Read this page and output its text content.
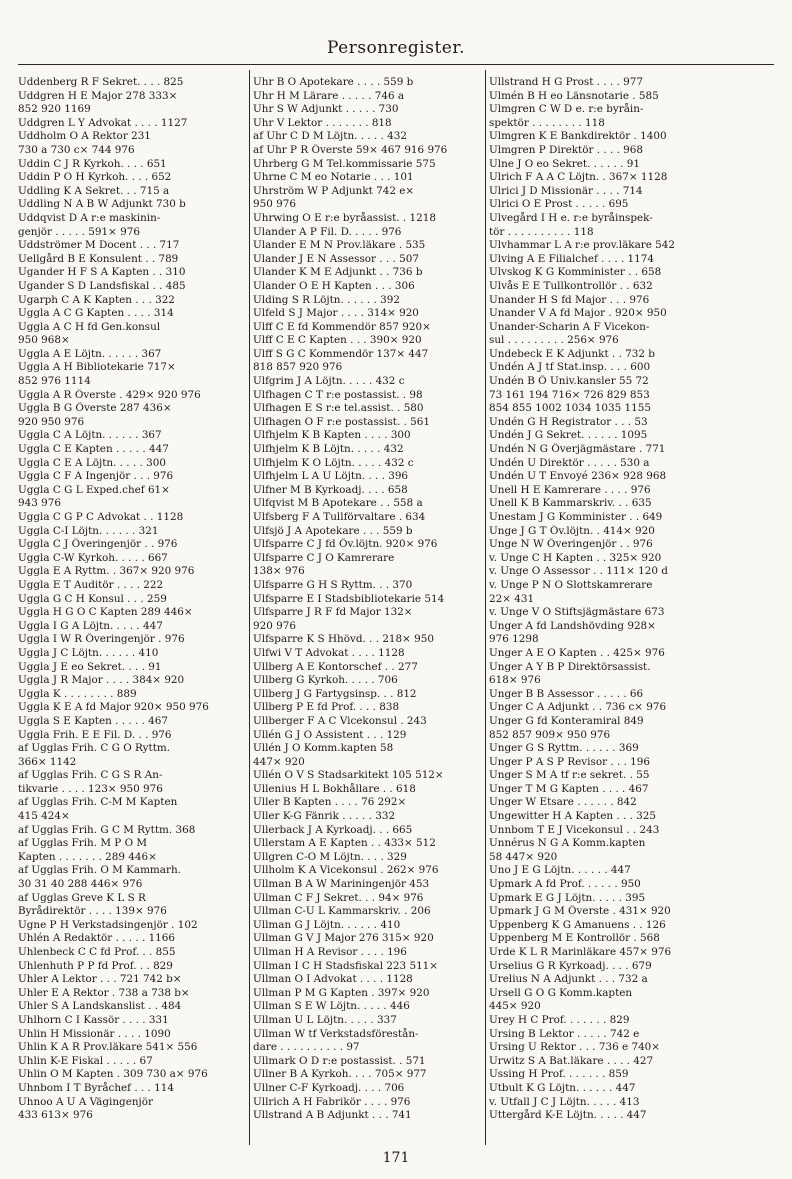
Personregister.
Uddenberg R F Sekret. . . . 825
Uddgren H E Major 278 333×
852 920 1169
Uddgren L Y Advokat . . . . 1127
Uddholm O A Rektor 231
730 a 730 c× 744 976
Uddin C J R Kyrkoh. . . . 651
Uddin P O H Kyrkoh. . . . 652
Uddling K A Sekret. . . 715 a
Uddling N A B W Adjunkt 730 b
Uddqvist D A r:e maskinin-
genjör . . . . . 591× 976
Uddströmer M Docent . . . 717
Uellgård B E Konsulent . . 789
Ugander H F S A Kapten . . 310
Ugander S D Landsfiskal . . 485
Ugarph C A K Kapten . . . 322
Uggla A C G Kapten . . . . 314
Uggla A C H fd Gen.konsul
950 968×
Uggla A E Löjtn. . . . . . 367
Uggla A H Bibliotekarie 717×
852 976 1114
Uggla A R Överste . 429× 920 976
Uggla B G Överste 287 436×
920 950 976
Uggla C A Löjtn. . . . . . 367
Uggla C E Kapten . . . . . 447
Uggla C E A Löjtn. . . . . 300
Uggla C F A Ingenjör . . . 976
Uggla C G L Exped.chef 61×
943 976
Uggla C G P C Advokat . . 1128
Uggla C-I Löjtn. . . . . . 321
Uggla C J Överingenjör . . 976
Uggla C-W Kyrkoh. . . . . 667
Uggla E A Ryttm. . 367× 920 976
Uggla E T Auditör . . . . 222
Uggla G C H Konsul . . . 259
Uggla H G O C Kapten 289 446×
Uggla I G A Löjtn. . . . . 447
Uggla I W R Överingenjör . 976
Uggla J C Löjtn. . . . . . 410
Uggla J E eo Sekret. . . . 91
Uggla J R Major . . . . 384× 920
Uggla K . . . . . . . . 889
Uggla K E A fd Major 920× 950 976
Uggla S E Kapten . . . . . 467
Uggla Frih. E E Fil. D. . . 976
af Ugglas Frih. C G O Ryttm.
366× 1142
af Ugglas Frih. C G S R An-
tikvarie . . . . 123× 950 976
af Ugglas Frih. C-M M Kapten
415 424×
af Ugglas Frih. G C M Ryttm. 368
af Ugglas Frih. M P O M
Kapten . . . . . . . 289 446×
af Ugglas Frih. O M Kammarh.
30 31 40 288 446× 976
af Ugglas Greve K L S R
Byrådirektör . . . . 139× 976
Ugne P H Verkstadsingenjör . 102
Uhlén A Redaktör . . . . . 1166
Uhlenbeck C C fd Prof. . . 855
Uhlenhuth P P fd Prof. . . 829
Uhler A Lektor . . . 721 742 b×
Uhler E A Rektor . 738 a 738 b×
Uhler S A Landskanslist . . 484
Uhlhorn C I Kassör . . . . 331
Uhlin H Missionär . . . . 1090
Uhlin K A R Prov.läkare 541× 556
Uhlin K-E Fiskal . . . . . 67
Uhlin O M Kapten . 309 730 a× 976
Uhnbom I T Byråchef . . . 114
Uhnoo A U A Vägingenjör
433 613× 976
Uhr B O Apotekare . . . . 559 b
Uhr H M Lärare . . . . . 746 a
Uhr S W Adjunkt . . . . . 730
Uhr V Lektor . . . . . . . 818
af Uhr C D M Löjtn. . . . . 432
af Uhr P R Överste 59× 467 916 976
Uhrberg G M Tel.kommissarie 575
Uhrne C M eo Notarie . . . 101
Uhrström W P Adjunkt 742 e×
950 976
Uhrwing O E r:e byråassist. . 1218
Ulander A P Fil. D. . . . . 976
Ulander E M N Prov.läkare . 535
Ulander J E N Assessor . . . 507
Ulander K M E Adjunkt . . 736 b
Ulander O E H Kapten . . . 306
Ulding S R Löjtn. . . . . . 392
Ulfeld S J Major . . . . 314× 920
Ulff C E fd Kommendör 857 920×
Ulff C E C Kapten . . . 390× 920
Ulff S G C Kommendör 137× 447
818 857 920 976
Ulfgrim J A Löjtn. . . . . 432 c
Ulfhagen C T r:e postassist. . 98
Ulfhagen E S r:e tel.assist. . 580
Ulfhagen O F r:e postassist. . 561
Ulfhjelm K B Kapten . . . . 300
Ulfhjelm K B Löjtn. . . . . 432
Ulfhjelm K O Löjtn. . . . . 432 c
Ulfhjelm L A U Löjtn. . . . 396
Ulfner M B Kyrkoadj. . . . 658
Ulfqvist M B Apotekare . . 558 a
Ulfsberg F A Tullförvaltare . 634
Ulfsjö J A Apotekare . . . 559 b
Ulfsparre C J fd Öv.löjtn. 920× 976
Ulfsparre C J O Kamrerare
138× 976
Ulfsparre G H S Ryttm. . . 370
Ulfsparre E I Stadsbibliotekarie 514
Ulfsparre J R F fd Major 132×
920 976
Ulfsparre K S Hhövd. . . 218× 950
Ulfwi V T Advokat . . . . 1128
Ullberg A E Kontorschef . . 277
Ullberg G Kyrkoh. . . . . 706
Ullberg J G Fartygsinsp. . . 812
Ullberg P E fd Prof. . . . 838
Ullberger F A C Vicekonsul . 243
Ullén G J O Assistent . . . 129
Ullén J O Komm.kapten 58
447× 920
Ullén O V S Stadsarkitekt 105 512×
Ullenius H L Bokhållare . . 618
Uller B Kapten . . . . 76 292×
Uller K-G Fänrik . . . . . 332
Ullerback J A Kyrkoadj. . . 665
Ullerstam A E Kapten . . 433× 512
Ullgren C-O M Löjtn. . . . 329
Ullholm K A Vicekonsul . 262× 976
Ullman B A W Mariningenjör 453
Ullman C F J Sekret. . . 94× 976
Ullman C-U L Kammarskriv. . 206
Ullman G J Löjtn. . . . . . 410
Ullman G V J Major 276 315× 920
Ullman H A Revisor . . . . 196
Ullman I C H Stadsfiskal 223 511×
Ullman O I Advokat . . . . 1128
Ullman P M G Kapten . 397× 920
Ullman S E W Löjtn. . . . . 446
Ullman U L Löjtn. . . . . 337
Ullman W tf Verkstadsförestån-
dare . . . . . . . . . . 97
Ullmark O D r:e postassist. . 571
Ullner B A Kyrkoh. . . . 705× 977
Ullner C-F Kyrkoadj. . . . 706
Ullrich A H Fabrikör . . . . 976
Ullstrand A B Adjunkt . . . 741
Ullstrand H G Prost . . . . 977
Ulmén B H eo Länsnotarie . 585
Ulmgren C W D e. r:e byråin-
spektör . . . . . . . . 118
Ulmgren K E Bankdirektör . 1400
Ulmgren P Direktör . . . . 968
Ulne J O eo Sekret. . . . . . 91
Ulrich F A A C Löjtn. . 367× 1128
Ulrici J D Missionär . . . . 714
Ulrici O E Prost . . . . . 695
Ulvegård I H e. r:e byråinspek-
tör . . . . . . . . . . 118
Ulvhammar L A r:e prov.läkare 542
Ulving A E Filialchef . . . . 1174
Ulvskog K G Komminister . . 658
Ulvås E E Tullkontrollör . . 632
Unander H S fd Major . . . 976
Unander V A fd Major . 920× 950
Unander-Scharin A F Vicekon-
sul . . . . . . . . . 256× 976
Undebeck E K Adjunkt . . 732 b
Undén A J tf Stat.insp. . . . 600
Undén B Ö Univ.kansler 55 72
73 161 194 716× 726 829 853
854 855 1002 1034 1035 1155
Undén G H Registrator . . . 53
Undén J G Sekret. . . . . . 1095
Undén N G Överjägmästare . 771
Undén U Direktör . . . . . 530 a
Undén U T Envoyé 236× 928 968
Unell H E Kamrerare . . . . 976
Unell K B Kammarskriv. . . 635
Unestam J G Komminister . . 649
Unge J G T Öv.löjtn. . 414× 920
Unge N W Överingenjör . . 976
v. Unge C H Kapten . . 325× 920
v. Unge O Assessor . . 111× 120 d
v. Unge P N O Slottskamrerare
22× 431
v. Unge V O Stiftsjägmästare 673
Unger A fd Landshövding 928×
976 1298
Unger A E O Kapten . . 425× 976
Unger A Y B P Direktörsassist.
618× 976
Unger B B Assessor . . . . . 66
Unger C A Adjunkt . . 736 c× 976
Unger G fd Konteramiral 849
852 857 909× 950 976
Unger G S Ryttm. . . . . . 369
Unger P A S P Revisor . . . 196
Unger S M A tf r:e sekret. . 55
Unger T M G Kapten . . . . 467
Unger W Etsare . . . . . . 842
Ungewitter H A Kapten . . . 325
Unnbom T E J Vicekonsul . . 243
Unnérus N G A Komm.kapten
58 447× 920
Uno J E G Löjtn. . . . . . 447
Upmark A fd Prof. . . . . . 950
Upmark E G J Löjtn. . . . . 395
Upmark J G M Överste . 431× 920
Uppenberg K G Amanuens . . 126
Uppenberg M E Kontrollör . 568
Urde K L R Marinläkare 457× 976
Urselius G R Kyrkoadj. . . . 679
Urelius N A Adjunkt . . . 732 a
Ursell G O G Komm.kapten
445× 920
Urey H C Prof. . . . . . . 829
Ursing B Lektor . . . . . 742 e
Ursing U Rektor . . . 736 e 740×
Urwitz S A Bat.läkare . . . . 427
Ussing H Prof. . . . . . . 859
Utbult K G Löjtn. . . . . . 447
v. Utfall J C J Löjtn. . . . . 413
Uttergård K-E Löjtn. . . . . 447
171
